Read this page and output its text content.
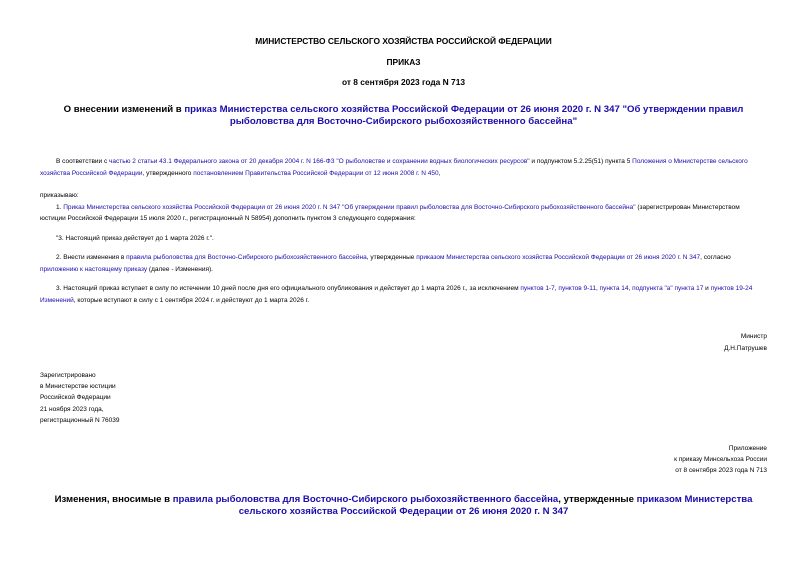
МИНИСТЕРСТВО СЕЛЬСКОГО ХОЗЯЙСТВА РОССИЙСКОЙ ФЕДЕРАЦИИ
ПРИКАЗ
от 8 сентября 2023 года N 713
О внесении изменений в приказ Министерства сельского хозяйства Российской Федерации от 26 июня 2020 г. N 347 "Об утверждении правил рыболовства для Восточно-Сибирского рыбохозяйственного бассейна"

В соответствии с частью 2 статьи 43.1 Федерального закона от 20 декабря 2004 г. N 166-ФЗ "О рыболовстве и сохранении водных биологических ресурсов" и подпунктом 5.2.25(51) пункта 5 Положения о Министерстве сельского хозяйства Российской Федерации, утвержденного постановлением Правительства Российской Федерации от 12 июня 2008 г. N 450,

приказываю:

1. Приказ Министерства сельского хозяйства Российской Федерации от 26 июня 2020 г. N 347 "Об утверждении правил рыболовства для Восточно-Сибирского рыбохозяйственного бассейна" (зарегистрирован Министерством юстиции Российской Федерации 15 июля 2020 г., регистрационный N 58954) дополнить пунктом 3 следующего содержания:

"3. Настоящий приказ действует до 1 марта 2026 г.".

2. Внести изменения в правила рыболовства для Восточно-Сибирского рыбохозяйственного бассейна, утвержденные приказом Министерства сельского хозяйства Российской Федерации от 26 июня 2020 г. N 347, согласно приложению к настоящему приказу (далее - Изменения).

3. Настоящий приказ вступает в силу по истечении 10 дней после дня его официального опубликования и действует до 1 марта 2026 г., за исключением пунктов 1-7, пунктов 9-11, пункта 14, подпункта "а" пункта 17 и пунктов 19-24 Изменений, которые вступают в силу с 1 сентября 2024 г. и действуют до 1 марта 2026 г.

Министр
Д.Н.Патрушев
Зарегистрировано
в Министерстве юстиции
Российской Федерации
21 ноября 2023 года,
регистрационный N 76039
Приложение
к приказу Минсельхоза России
от 8 сентября 2023 года N 713
Изменения, вносимые в правила рыболовства для Восточно-Сибирского рыбохозяйственного бассейна, утвержденные приказом Министерства сельского хозяйства Российской Федерации от 26 июня 2020 г. N 347
